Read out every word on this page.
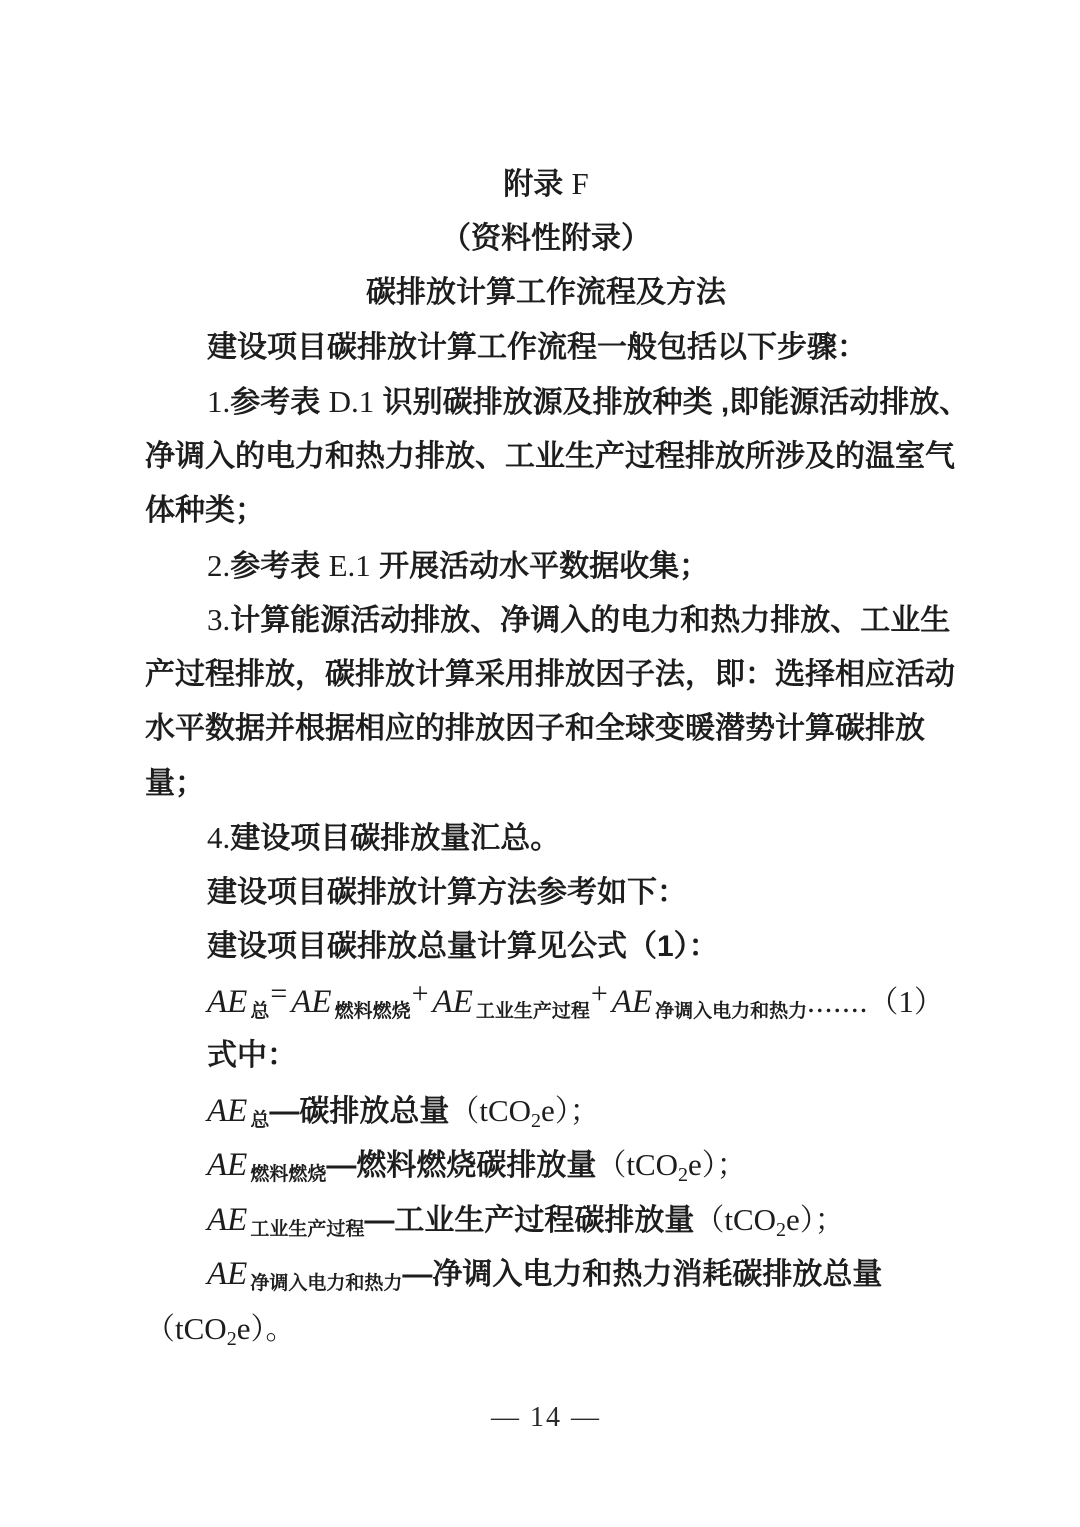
附录 F
（资料性附录）
碳排放计算工作流程及方法
建设项目碳排放计算工作流程一般包括以下步骤：
1.参考表 D.1 识别碳排放源及排放种类 ,即能源活动排放、
净调入的电力和热力排放、工业生产过程排放所涉及的温室气
体种类；
2.参考表 E.1 开展活动水平数据收集；
3.计算能源活动排放、净调入的电力和热力排放、工业生
产过程排放，碳排放计算采用排放因子法，即：选择相应活动
水平数据并根据相应的排放因子和全球变暖潜势计算碳排放
量；
4.建设项目碳排放量汇总。
建设项目碳排放计算方法参考如下：
建设项目碳排放总量计算见公式（1）：
AE 总= AE 燃料燃烧+ AE 工业生产过程+ AE 净调入电力和热力.......（1）
式中：
AE 总—碳排放总量（tCO$_2$e）；
AE 燃料燃烧—燃料燃烧碳排放量（tCO$_2$e）；
AE 工业生产过程—工业生产过程碳排放量（tCO$_2$e）；
AE 净调入电力和热力—净调入电力和热力消耗碳排放总量
（tCO$_2$e）。
— 14 —
